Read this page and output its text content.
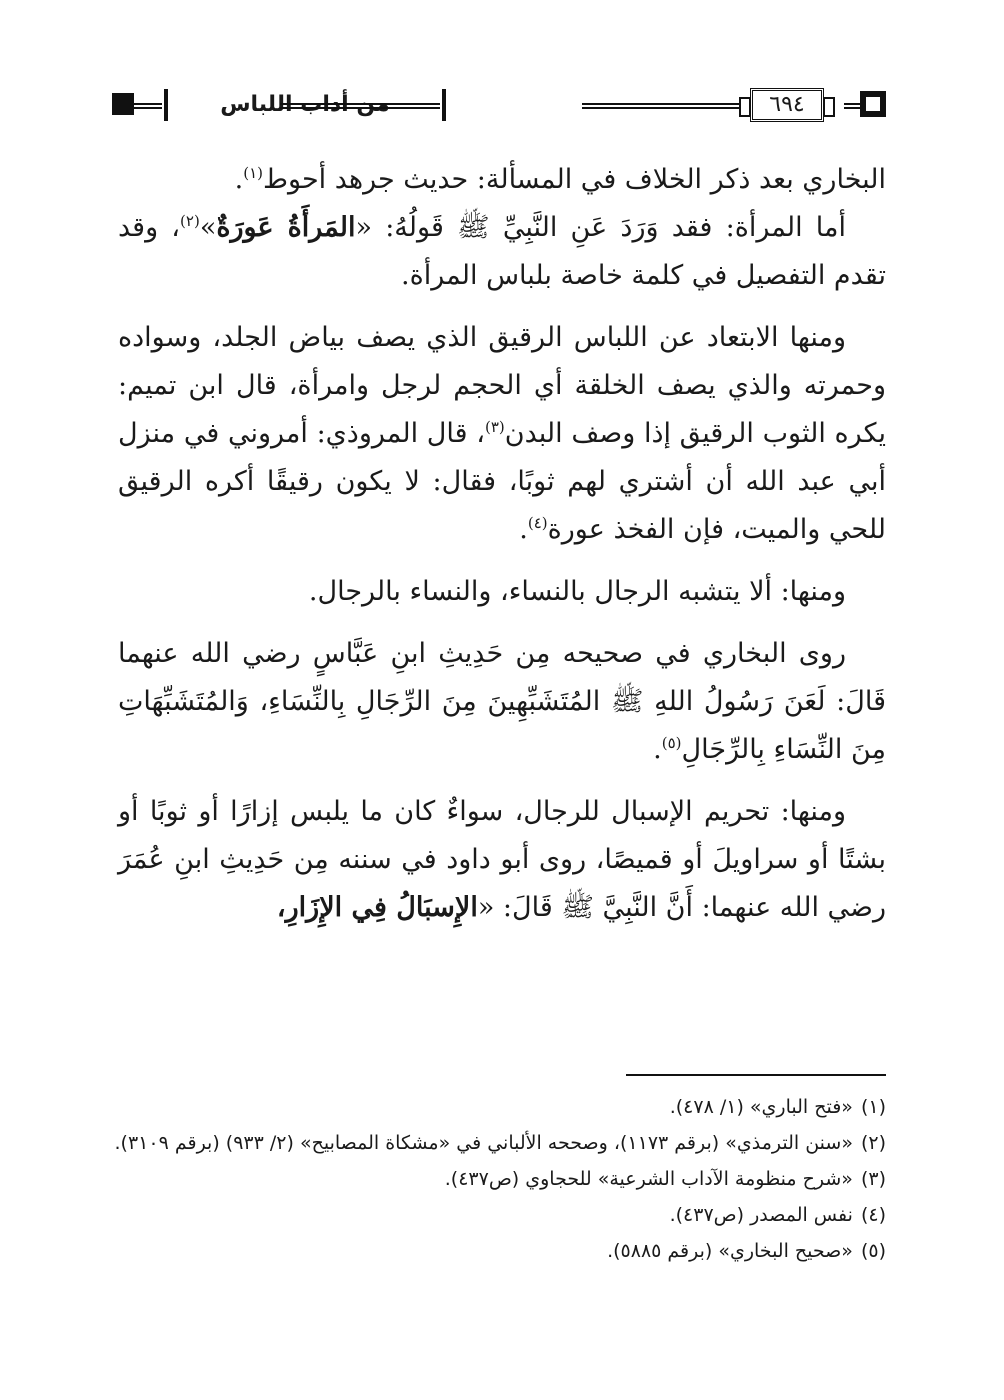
من أداب اللباس	٦٩٤

البخاري بعد ذكر الخلاف في المسألة: حديث جرهد أحوط$^{(١)}$.

أما المرأة: فقد وَرَدَ عَنِ النَّبِيِّ ﷺ قَولُهُ: «المَرأَةُ عَورَةٌ»$^{(٢)}$، وقد تقدم التفصيل في كلمة خاصة بلباس المرأة.

ومنها الابتعاد عن اللباس الرقيق الذي يصف بياض الجلد، وسواده وحمرته والذي يصف الخلقة أي الحجم لرجل وامرأة، قال ابن تميم: يكره الثوب الرقيق إذا وصف البدن$^{(٣)}$، قال المروذي: أمروني في منزل أبي عبد الله أن أشتري لهم ثوبًا، فقال: لا يكون رقيقًا أكره الرقيق للحي والميت، فإن الفخذ عورة$^{(٤)}$.

ومنها: ألا يتشبه الرجال بالنساء، والنساء بالرجال.

روى البخاري في صحيحه مِن حَدِيثِ ابنِ عَبَّاسٍ رضي الله عنهما قَالَ: لَعَنَ رَسُولُ اللهِ ﷺ المُتَشَبِّهِينَ مِنَ الرِّجَالِ بِالنِّسَاءِ، وَالمُتَشَبِّهَاتِ مِنَ النِّسَاءِ بِالرِّجَالِ$^{(٥)}$.

ومنها: تحريم الإسبال للرجال، سواءٌ كان ما يلبس إزارًا أو ثوبًا أو بشتًا أو سراويلَ أو قميصًا، روى أبو داود في سننه مِن حَدِيثِ ابنِ عُمَرَ رضي الله عنهما: أَنَّ النَّبِيَّ ﷺ قَالَ: «الإِسبَالُ فِي الإِزَارِ،

(١)«فتح الباري» (١/ ٤٧٨).

(٢)«سنن الترمذي» (برقم ١١٧٣)، وصححه الألباني في «مشكاة المصابيح» (٢/ ٩٣٣) (برقم ٣١٠٩).

(٣)«شرح منظومة الآداب الشرعية» للحجاوي (ص٤٣٧).

(٤)نفس المصدر (ص٤٣٧).

(٥)«صحيح البخاري» (برقم ٥٨٨٥).
